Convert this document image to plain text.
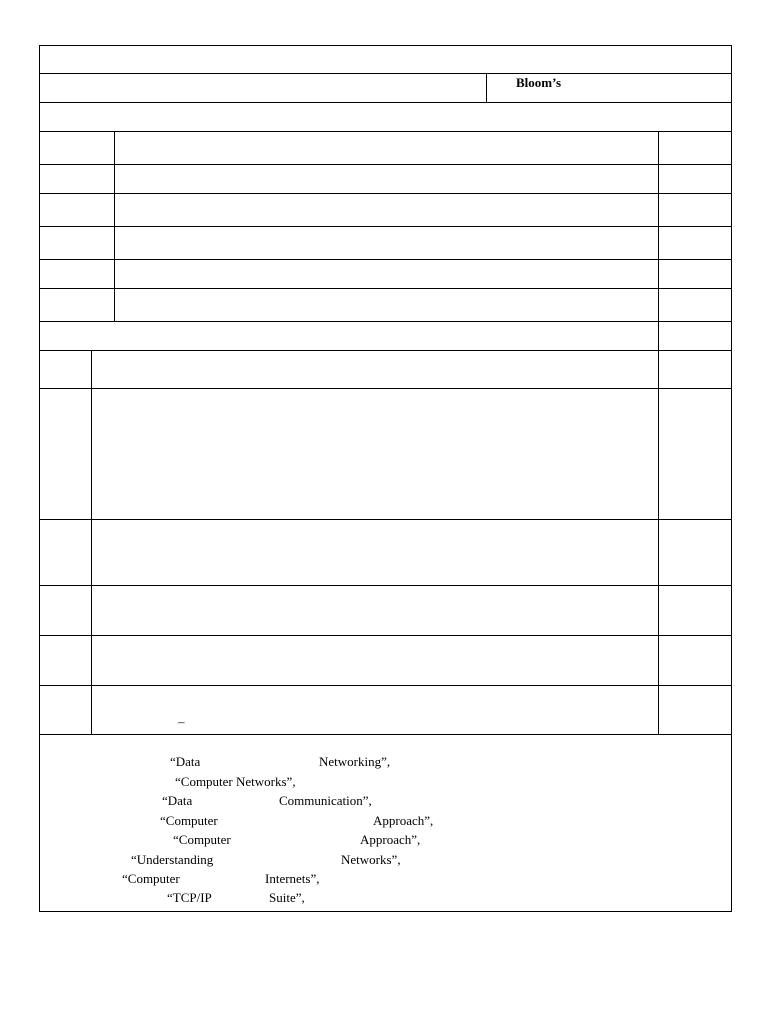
Bloom’s
–
“Data	Networking”,
“Computer Networks”,
“Data	Communication”,
“Computer	Approach”,
“Computer	Approach”,
“Understanding	Networks”,
“Computer	Internets”,
“TCP/IP	Suite”,
